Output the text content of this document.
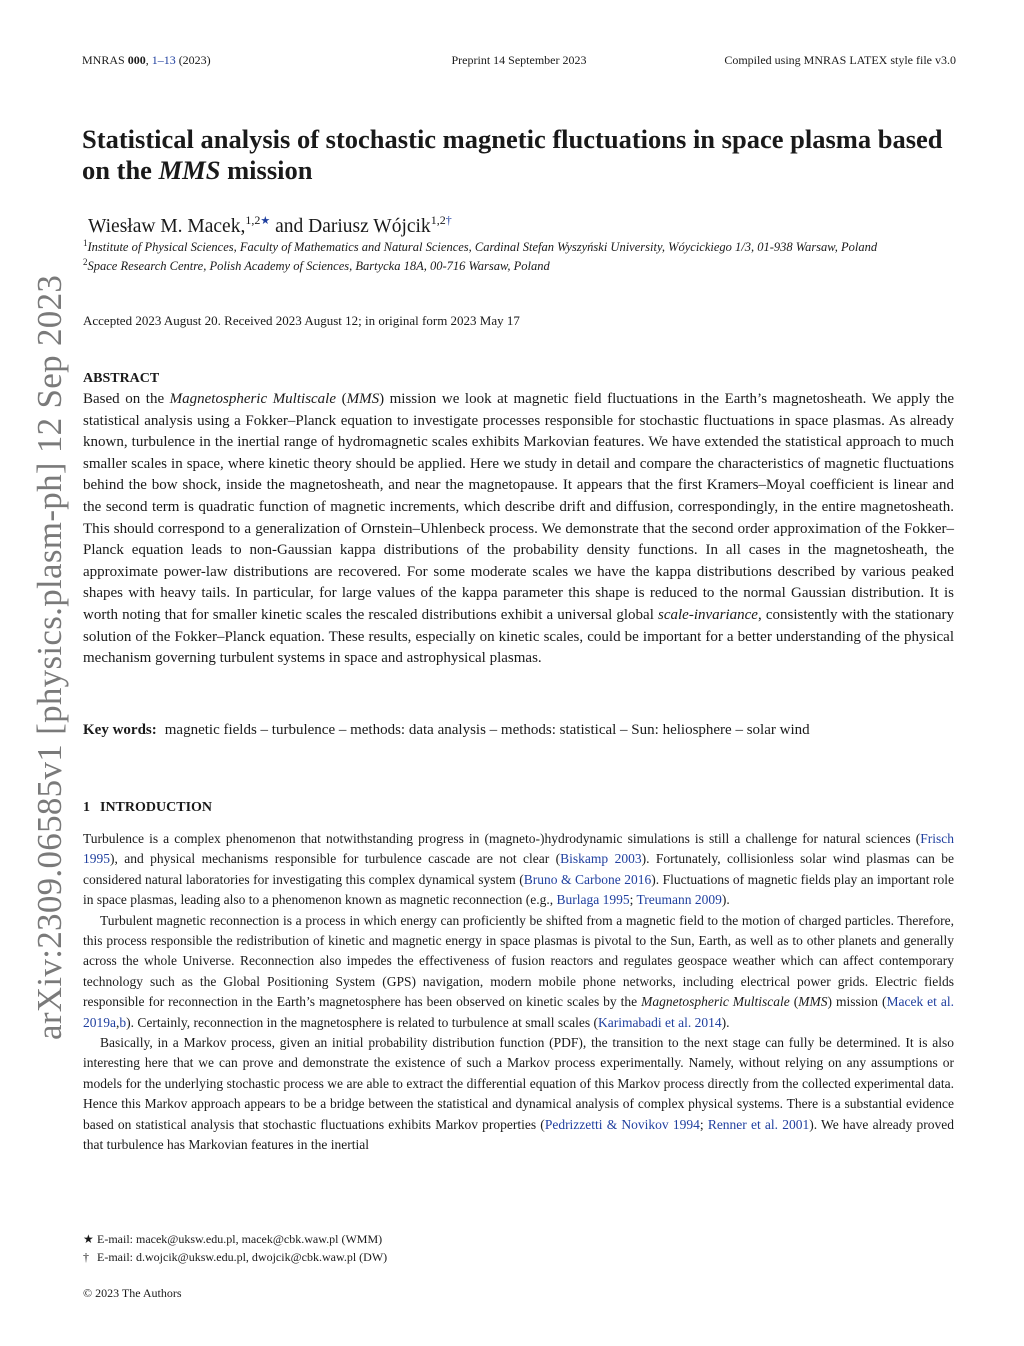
Preprint 14 September 2023
MNRAS 000, 1–13 (2023)	Compiled using MNRAS LATEX style file v3.0
arXiv:2309.06585v1 [physics.plasm-ph] 12 Sep 2023
Statistical analysis of stochastic magnetic fluctuations in space plasma based on the MMS mission
Wiesław M. Macek,$^{1,2★}$ and Dariusz Wójcik$^{1,2\dagger}$
$^1$Institute of Physical Sciences, Faculty of Mathematics and Natural Sciences, Cardinal Stefan Wyszyński University, Wóycickiego 1/3, 01-938 Warsaw, Poland
$^2$Space Research Centre, Polish Academy of Sciences, Bartycka 18A, 00-716 Warsaw, Poland
Accepted 2023 August 20. Received 2023 August 12; in original form 2023 May 17
ABSTRACT

Based on the Magnetospheric Multiscale (MMS) mission we look at magnetic field fluctuations in the Earth’s magnetosheath. We apply the statistical analysis using a Fokker–Planck equation to investigate processes responsible for stochastic fluctuations in space plasmas. As already known, turbulence in the inertial range of hydromagnetic scales exhibits Markovian features. We have extended the statistical approach to much smaller scales in space, where kinetic theory should be applied. Here we study in detail and compare the characteristics of magnetic fluctuations behind the bow shock, inside the magnetosheath, and near the magnetopause. It appears that the first Kramers–Moyal coefficient is linear and the second term is quadratic function of magnetic increments, which describe drift and diffusion, correspondingly, in the entire magnetosheath. This should correspond to a generalization of Ornstein–Uhlenbeck process. We demonstrate that the second order approximation of the Fokker–Planck equation leads to non-Gaussian kappa distributions of the probability density functions. In all cases in the magnetosheath, the approximate power-law distributions are recovered. For some moderate scales we have the kappa distributions described by various peaked shapes with heavy tails. In particular, for large values of the kappa parameter this shape is reduced to the normal Gaussian distribution. It is worth noting that for smaller kinetic scales the rescaled distributions exhibit a universal global scale-invariance, consistently with the stationary solution of the Fokker–Planck equation. These results, especially on kinetic scales, could be important for a better understanding of the physical mechanism governing turbulent systems in space and astrophysical plasmas.

Key words: magnetic fields – turbulence – methods: data analysis – methods: statistical – Sun: heliosphere – solar wind
1 INTRODUCTION

Turbulence is a complex phenomenon that notwithstanding progress in (magneto-)hydrodynamic simulations is still a challenge for natural sciences (Frisch 1995), and physical mechanisms responsible for turbulence cascade are not clear (Biskamp 2003). Fortunately, collisionless solar wind plasmas can be considered natural laboratories for investigating this complex dynamical system (Bruno & Carbone 2016). Fluctuations of magnetic fields play an important role in space plasmas, leading also to a phenomenon known as magnetic reconnection (e.g., Burlaga 1995; Treumann 2009).

Turbulent magnetic reconnection is a process in which energy can proficiently be shifted from a magnetic field to the motion of charged particles. Therefore, this process responsible the redistribution of kinetic and magnetic energy in space plasmas is pivotal to the Sun, Earth, as well as to other planets and generally across the whole Universe. Reconnection also impedes the effectiveness of fusion reactors and regulates geospace weather which can affect contemporary technology such as the Global Positioning System (GPS) navigation, modern mobile phone networks, including electrical power grids. Electric fields responsible for reconnection in the Earth’s magnetosphere has been observed on kinetic scales by the Magnetospheric Multiscale (MMS) mission (Macek et al. 2019a,b). Certainly, reconnection in the magnetosphere is related to turbulence at small scales (Karimabadi et al. 2014).

Basically, in a Markov process, given an initial probability distribution function (PDF), the transition to the next stage can fully be determined. It is also interesting here that we can prove and demonstrate the existence of such a Markov process experimentally. Namely, without relying on any assumptions or models for the underlying stochastic process we are able to extract the differential equation of this Markov process directly from the collected experimental data. Hence this Markov approach appears to be a bridge between the statistical and dynamical analysis of complex physical systems. There is a substantial evidence based on statistical analysis that stochastic fluctuations exhibits Markov properties (Pedrizzetti & Novikov 1994; Renner et al. 2001). We have already proved that turbulence has Markovian features in the inertial

★ E-mail: macek@uksw.edu.pl, macek@cbk.waw.pl (WMM)
† E-mail: d.wojcik@uksw.edu.pl, dwojcik@cbk.waw.pl (DW)
© 2023 The Authors
